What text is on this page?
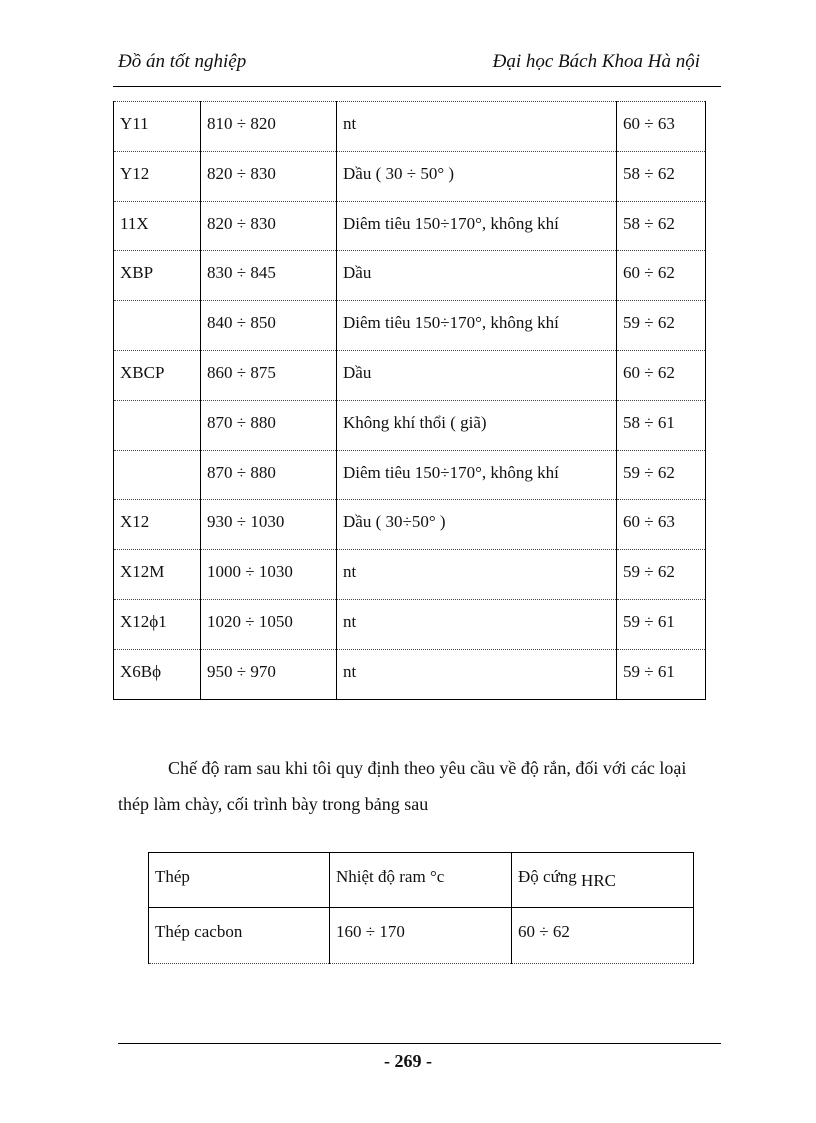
Đồ án tốt nghiệp	Đại học Bách Khoa Hà nội
Y11	810 ÷ 820	nt	60 ÷ 63
Y12	820 ÷ 830	Dầu ( 30 ÷ 50° )	58 ÷ 62
11X	820 ÷ 830	Diêm tiêu 150÷170°, không khí	58 ÷ 62
XBP	830 ÷ 845	Dầu	60 ÷ 62
	840 ÷ 850	Diêm tiêu 150÷170°, không khí	59 ÷ 62
XBCP	860 ÷ 875	Dầu	60 ÷ 62
	870 ÷ 880	Không khí thổi ( giã)	58 ÷ 61
	870 ÷ 880	Diêm tiêu 150÷170°, không khí	59 ÷ 62
X12	930 ÷ 1030	Dầu ( 30÷50° )	60 ÷ 63
X12M	1000 ÷ 1030	nt	59 ÷ 62
X12ϕ1	1020 ÷ 1050	nt	59 ÷ 61
X6Bϕ	950 ÷ 970	nt	59 ÷ 61
Chế độ ram sau khi tôi quy định theo yêu cầu về độ rắn, đối với các loại
thép làm chày, cối trình bày trong bảng sau
Thép	Nhiệt độ ram °c	Độ cứng HRC
Thép cacbon	160 ÷ 170	60 ÷ 62
- 269 -
